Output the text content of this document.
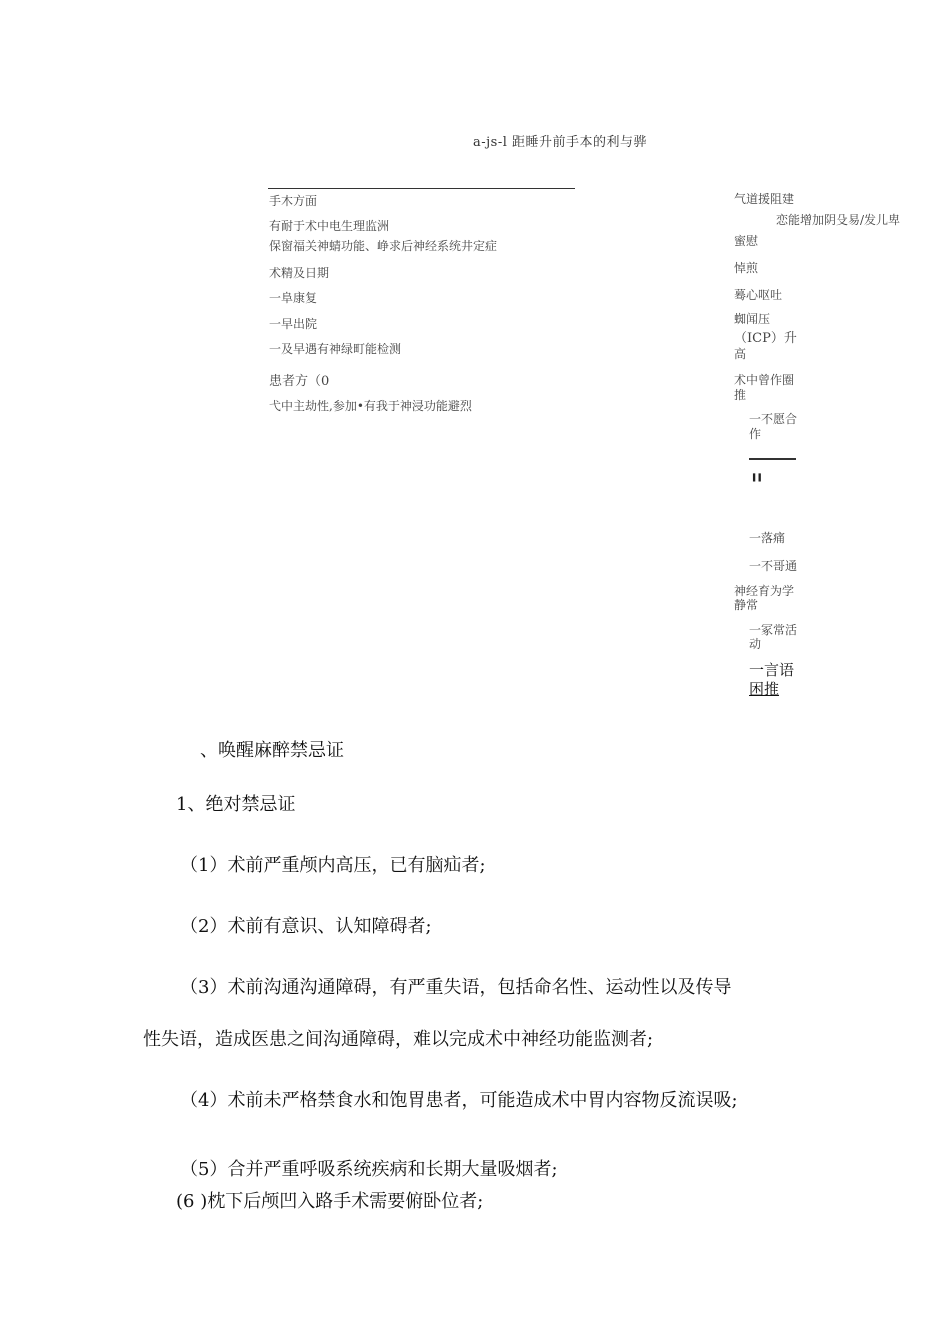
a-js-l 距睡升前手本的利与骅
手木方面
有耐于术中电生理监洲
保窗福关神蜻功能、峥求后神经系统井定症
术精及日期
一阜康复
一早出院
一及早遇有神绿町能检测
患者方（0
弋中主劫性,参加•有我于神浸功能避烈
气道援阻建
恋能增加阴殳易/发儿卑
蜜慰
悼煎
蓦心呕吐
蜘闻压
（ICP）升
高
术中曾作圈
推
一不愿合
作
"
一落痛
一不哥通
神经育为学
静常
一冢常活
动
一言语
困推
、唤醒麻醉禁忌证
1、绝对禁忌证
（1）术前严重颅内高压，已有脑疝者;
（2）术前有意识、认知障碍者;
（3）术前沟通沟通障碍，有严重失语，包括命名性、运动性以及传导
性失语，造成医患之间沟通障碍，难以完成术中神经功能监测者;
（4）术前未严格禁食水和饱胃患者，可能造成术中胃内容物反流误吸;
（5）合并严重呼吸系统疾病和长期大量吸烟者;
(6 )枕下后颅凹入路手术需要俯卧位者;
